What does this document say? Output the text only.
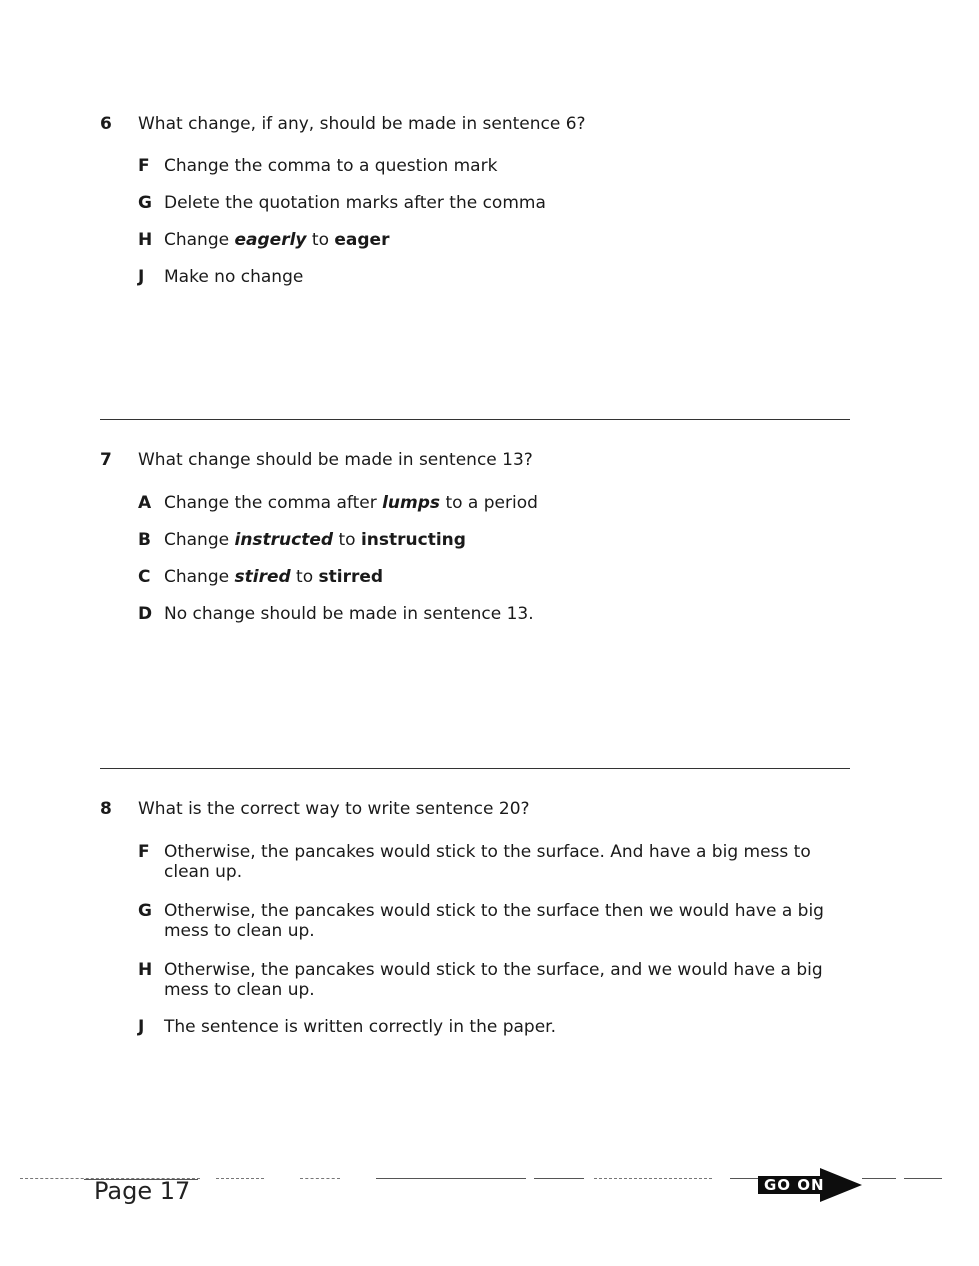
6	What change, if any, should be made in sentence 6?
F Change the comma to a question mark
G Delete the quotation marks after the comma
H Change eagerly to eager
J	Make no change
7	What change should be made in sentence 13?
A Change the comma after lumps to a period
B Change instructed to instructing
C Change stired to stirred
D No change should be made in sentence 13.
8	What is the correct way to write sentence 20?
F Otherwise, the pancakes would stick to the surface. And have a big mess to clean up.
G Otherwise, the pancakes would stick to the surface then we would have a big mess to clean up.
H Otherwise, the pancakes would stick to the surface, and we would have a big mess to clean up.
J	The sentence is written correctly in the paper.
Page 17	GO ON
